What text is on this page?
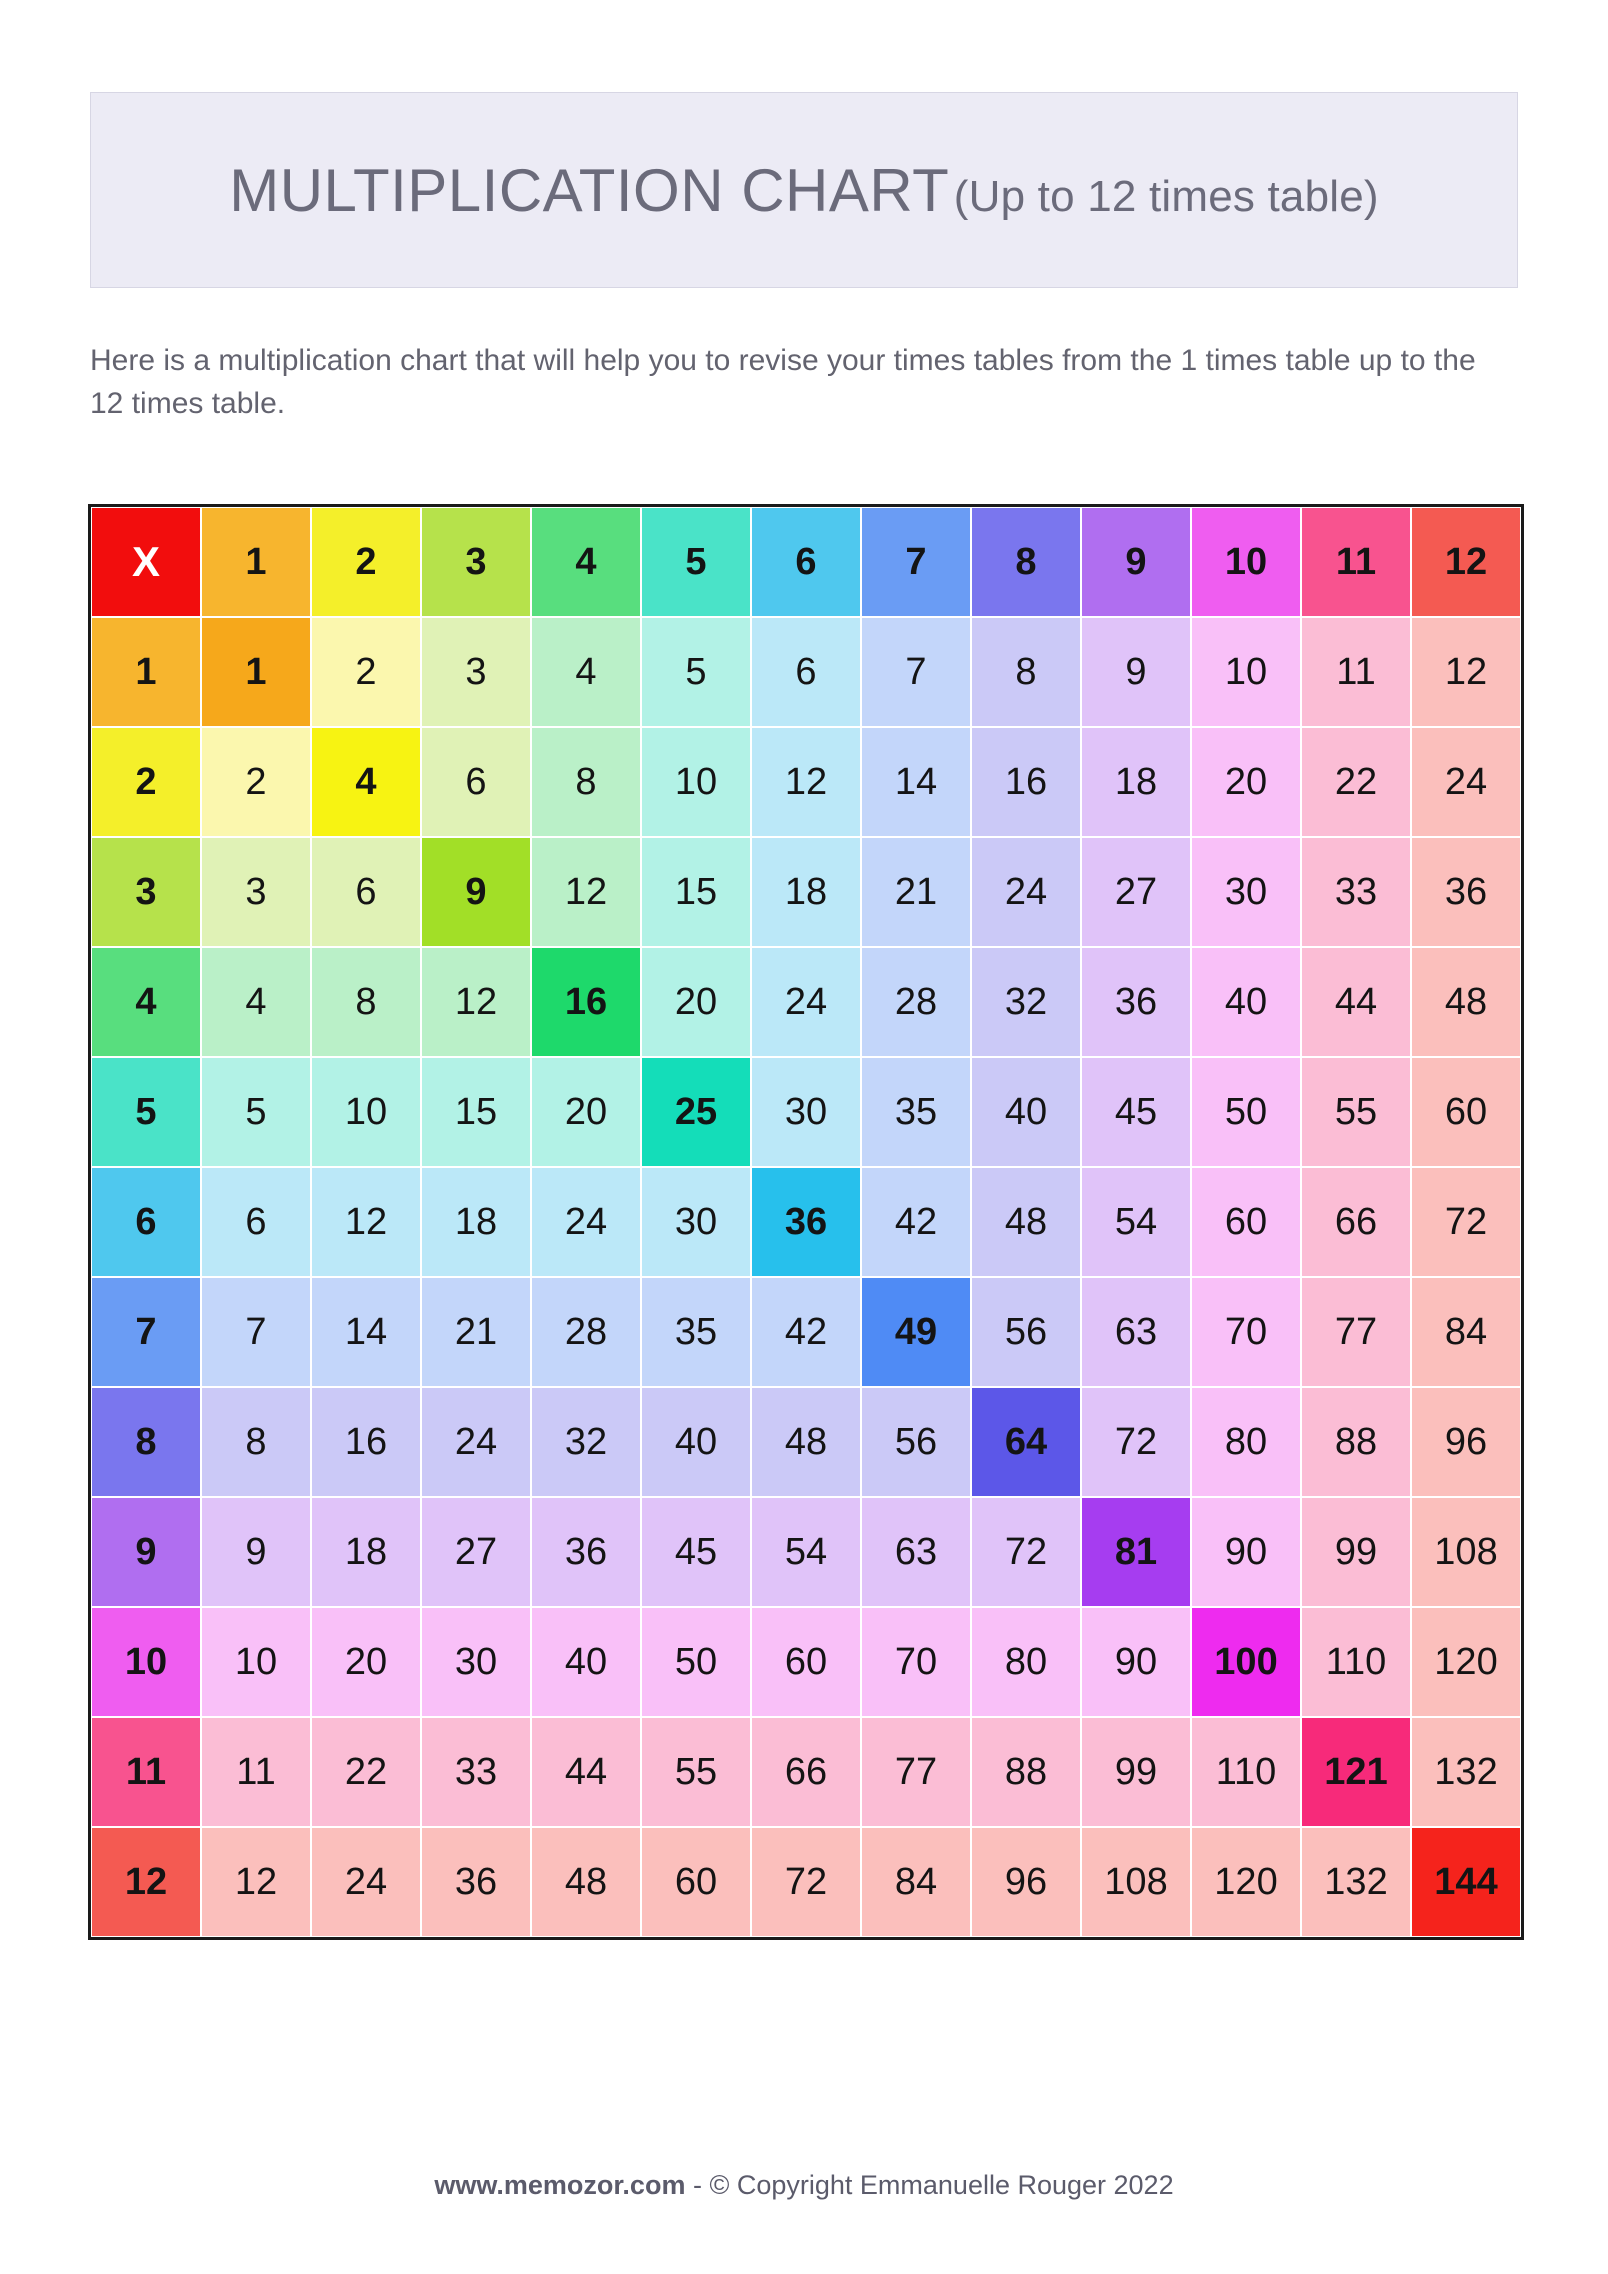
MULTIPLICATION CHART (Up to 12 times table)
Here is a multiplication chart that will help you to revise your times tables from the 1 times table up to the 12 times table.
X	1	2	3	4	5	6	7	8	9	10	11	12
1	1	2	3	4	5	6	7	8	9	10	11	12
2	2	4	6	8	10	12	14	16	18	20	22	24
3	3	6	9	12	15	18	21	24	27	30	33	36
4	4	8	12	16	20	24	28	32	36	40	44	48
5	5	10	15	20	25	30	35	40	45	50	55	60
6	6	12	18	24	30	36	42	48	54	60	66	72
7	7	14	21	28	35	42	49	56	63	70	77	84
8	8	16	24	32	40	48	56	64	72	80	88	96
9	9	18	27	36	45	54	63	72	81	90	99	108
10	10	20	30	40	50	60	70	80	90	100	110	120
11	11	22	33	44	55	66	77	88	99	110	121	132
12	12	24	36	48	60	72	84	96	108	120	132	144
www.memozor.com - © Copyright Emmanuelle Rouger 2022
